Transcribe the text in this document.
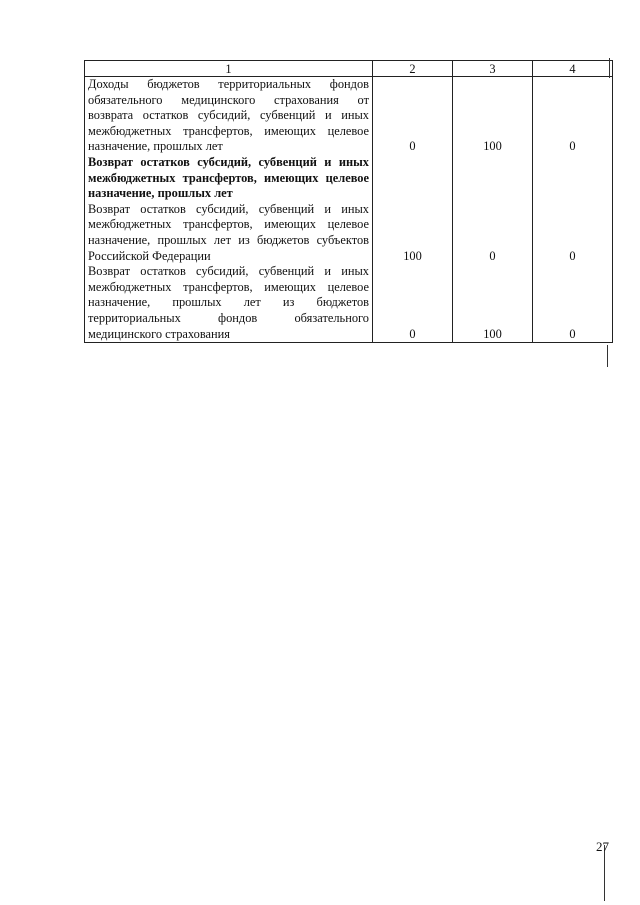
1	2	3	4
Доходы бюджетов территориальных фондов обязательного медицинского страхования от возврата остатков субсидий, субвенций и иных межбюджетных трансфертов, имеющих целевое назначение, прошлых лет	0	100	0
Возврат остатков субсидий, субвенций и иных межбюджетных трансфертов, имеющих целевое назначение, прошлых лет			
Возврат остатков субсидий, субвенций и иных межбюджетных трансфертов, имеющих целевое назначение, прошлых лет из бюджетов субъектов Российской Федерации	100	0	0
Возврат остатков субсидий, субвенций и иных межбюджетных трансфертов, имеющих целевое назначение, прошлых лет из бюджетов территориальных фондов обязательного медицинского страхования	0	100	0
27
